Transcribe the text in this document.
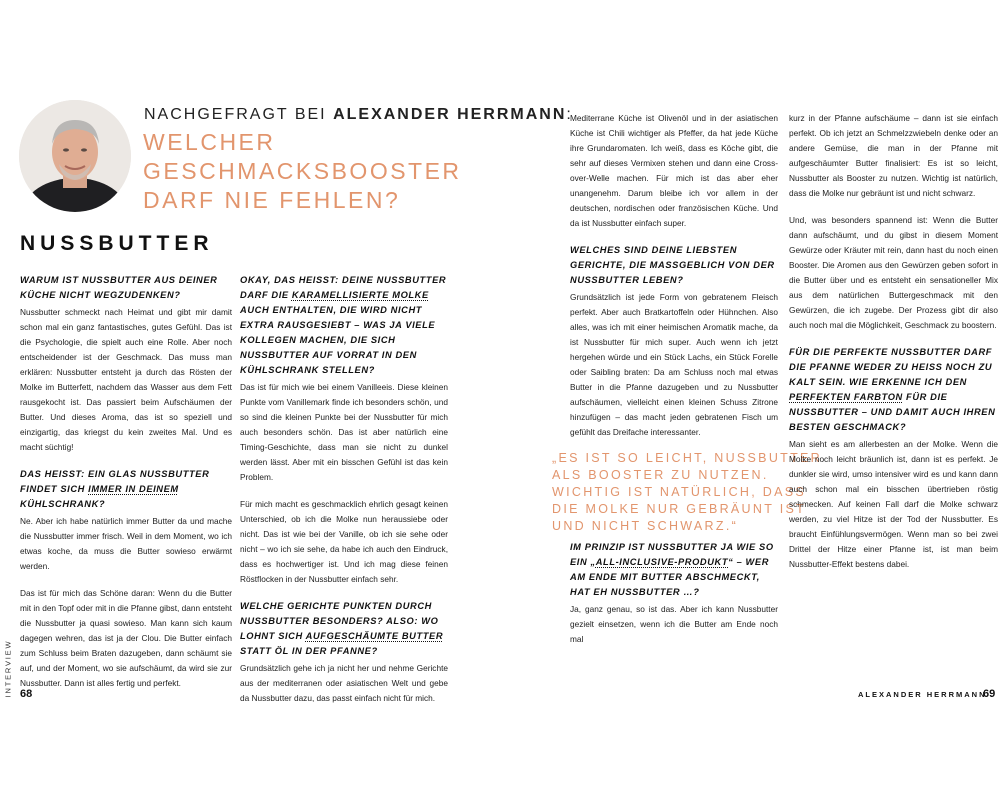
NACHGEFRAGT BEI ALEXANDER HERRMANN:
WELCHER
GESCHMACKSBOOSTER
DARF NIE FEHLEN?
NUSSBUTTER
WARUM IST NUSSBUTTER AUS DEINER KÜCHE NICHT WEGZUDENKEN?

Nussbutter schmeckt nach Heimat und gibt mir damit schon mal ein ganz fantastisches, gutes Gefühl. Das ist die Psychologie, die spielt auch eine Rolle. Aber noch entscheidender ist der Geschmack. Das muss man erklären: Nussbutter entsteht ja durch das Rösten der Molke im Butterfett, nachdem das Wasser aus dem Fett rausgekocht ist. Das passiert beim Aufschäumen der Butter. Und dieses Aroma, das ist so speziell und einzigartig, das kriegst du kein zweites Mal. Und es macht süchtig!

DAS HEISST: EIN GLAS NUSSBUTTER FINDET SICH IMMER IN DEINEM KÜHLSCHRANK?

Ne. Aber ich habe natürlich immer Butter da und mache die Nussbutter immer frisch. Weil in dem Moment, wo ich etwas koche, da muss die Butter sowieso erwärmt werden.

Das ist für mich das Schöne daran: Wenn du die Butter mit in den Topf oder mit in die Pfanne gibst, dann entsteht die Nussbutter ja quasi sowieso. Man kann sich kaum dagegen wehren, das ist ja der Clou. Die Butter einfach zum Schluss beim Braten dazugeben, dann schäumt sie auf, und der Moment, wo sie aufschäumt, da wird sie zur Nussbutter. Dann ist alles fertig und perfekt.

OKAY, DAS HEISST: DEINE NUSSBUTTER DARF DIE KARAMELLISIERTE MOLKE AUCH ENTHALTEN, DIE WIRD NICHT EXTRA RAUSGESIEBT – WAS JA VIELE KOLLEGEN MACHEN, DIE SICH NUSSBUTTER AUF VORRAT IN DEN KÜHLSCHRANK STELLEN?

Das ist für mich wie bei einem Vanilleeis. Diese kleinen Punkte vom Vanillemark finde ich besonders schön, und so sind die kleinen Punkte bei der Nussbutter für mich auch besonders schön. Das ist aber natürlich eine Timing-Geschichte, dass man sie nicht zu dunkel werden lässt. Aber mit ein bisschen Gefühl ist das kein Problem.

Für mich macht es geschmacklich ehrlich gesagt keinen Unterschied, ob ich die Molke nun heraussiebe oder nicht. Das ist wie bei der Vanille, ob ich sie sehe oder nicht – wo ich sie sehe, da habe ich auch den Eindruck, dass es hochwertiger ist. Und ich mag diese feinen Röstflocken in der Nussbutter einfach sehr.

WELCHE GERICHTE PUNKTEN DURCH NUSSBUTTER BESONDERS? ALSO: WO LOHNT SICH AUFGESCHÄUMTE BUTTER STATT ÖL IN DER PFANNE?

Grundsätzlich gehe ich ja nicht her und nehme Gerichte aus der mediterranen oder asiatischen Welt und gebe da Nussbutter dazu, das passt einfach nicht für mich.

Mediterrane Küche ist Olivenöl und in der asiatischen Küche ist Chili wichtiger als Pfeffer, da hat jede Küche ihre Grundaromaten. Ich weiß, dass es Köche gibt, die sehr auf dieses Vermixen stehen und dann eine Cross-over-Welle machen. Für mich ist das aber eher unangenehm. Darum bleibe ich vor allem in der deutschen, nordischen oder französischen Küche. Und da ist Nussbutter einfach super.

WELCHES SIND DEINE LIEBSTEN GERICHTE, DIE MASSGEBLICH VON DER NUSSBUTTER LEBEN?

Grundsätzlich ist jede Form von gebratenem Fleisch perfekt. Aber auch Bratkartoffeln oder Hühnchen. Also alles, was ich mit einer heimischen Aromatik mache, da ist Nussbutter für mich super. Auch wenn ich jetzt hergehen würde und ein Stück Lachs, ein Stück Forelle oder Saibling braten: Da am Schluss noch mal etwas Butter in die Pfanne dazugeben und zu Nussbutter aufschäumen, vielleicht einen kleinen Schuss Zitrone hinzufügen – das macht jeden gebratenen Fisch um gefühlt das Dreifache interessanter.

„ES IST SO LEICHT, NUSSBUTTER
ALS BOOSTER ZU NUTZEN.
WICHTIG IST NATÜRLICH, DASS
DIE MOLKE NUR GEBRÄUNT IST
UND NICHT SCHWARZ.“
IM PRINZIP IST NUSSBUTTER JA WIE SO EIN „ALL-INCLUSIVE-PRODUKT“ – WER AM ENDE MIT BUTTER ABSCHMECKT, HAT EH NUSSBUTTER …?

Ja, ganz genau, so ist das. Aber ich kann Nussbutter gezielt einsetzen, wenn ich die Butter am Ende noch mal

kurz in der Pfanne aufschäume – dann ist sie einfach perfekt. Ob ich jetzt an Schmelzzwiebeln denke oder an andere Gemüse, die man in der Pfanne mit aufgeschäumter Butter finalisiert: Es ist so leicht, Nussbutter als Booster zu nutzen. Wichtig ist natürlich, dass die Molke nur gebräunt ist und nicht schwarz.

Und, was besonders spannend ist: Wenn die Butter dann aufschäumt, und du gibst in diesem Moment Gewürze oder Kräuter mit rein, dann hast du noch einen Booster. Die Aromen aus den Gewürzen geben sofort in die Butter über und es entsteht ein sensationeller Mix aus dem natürlichen Buttergeschmack mit den Gewürzen, die ich zugebe. Der Prozess gibt dir also auch noch mal die Möglichkeit, Geschmack zu boostern.

FÜR DIE PERFEKTE NUSSBUTTER DARF DIE PFANNE WEDER ZU HEISS NOCH ZU KALT SEIN. WIE ERKENNE ICH DEN PERFEKTEN FARBTON FÜR DIE NUSSBUTTER – UND DAMIT AUCH IHREN BESTEN GESCHMACK?

Man sieht es am allerbesten an der Molke. Wenn die Molke noch leicht bräunlich ist, dann ist es perfekt. Je dunkler sie wird, umso intensiver wird es und kann dann auch schon mal ein bisschen übertrieben röstig schmecken. Auf keinen Fall darf die Molke schwarz werden, zu viel Hitze ist der Tod der Nussbutter. Es braucht Einfühlungsvermögen. Wenn man so bei zwei Drittel der Hitze einer Pfanne ist, ist man beim Nussbutter-Effekt bestens dabei.

INTERVIEW 68	ALEXANDER HERRMANN
69
